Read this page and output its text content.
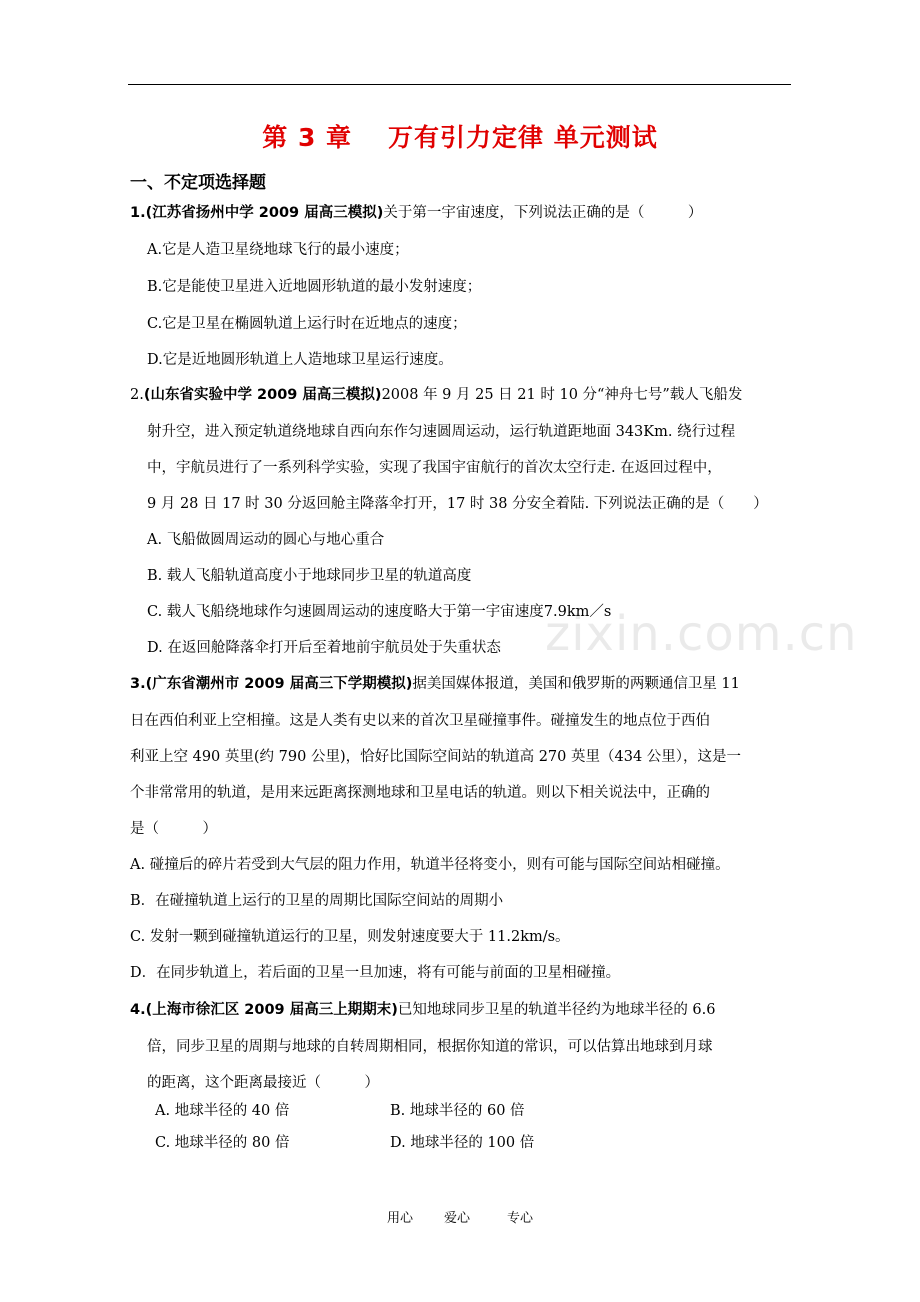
第 3 章 万有引力定律 单元测试
一、不定项选择题
1.(江苏省扬州中学 2009 届高三模拟)关于第一宇宙速度，下列说法正确的是（　　　）
A.它是人造卫星绕地球飞行的最小速度；
B.它是能使卫星进入近地圆形轨道的最小发射速度；
C.它是卫星在椭圆轨道上运行时在近地点的速度；
D.它是近地圆形轨道上人造地球卫星运行速度。
2.(山东省实验中学 2009 届高三模拟)2008 年 9 月 25 日 21 时 10 分“神舟七号”载人飞船发
射升空，进入预定轨道绕地球自西向东作匀速圆周运动，运行轨道距地面 343Km. 绕行过程
中，宇航员进行了一系列科学实验，实现了我国宇宙航行的首次太空行走. 在返回过程中，
9 月 28 日 17 时 30 分返回舱主降落伞打开，17 时 38 分安全着陆. 下列说法正确的是（　　）
A. 飞船做圆周运动的圆心与地心重合
B. 载人飞船轨道高度小于地球同步卫星的轨道高度
C. 载人飞船绕地球作匀速圆周运动的速度略大于第一宇宙速度7.9km／s
D. 在返回舱降落伞打开后至着地前宇航员处于失重状态
3.(广东省潮州市 2009 届高三下学期模拟)据美国媒体报道，美国和俄罗斯的两颗通信卫星 11
日在西伯利亚上空相撞。这是人类有史以来的首次卫星碰撞事件。碰撞发生的地点位于西伯
利亚上空 490 英里(约 790 公里)，恰好比国际空间站的轨道高 270 英里（434 公里），这是一
个非常常用的轨道，是用来远距离探测地球和卫星电话的轨道。则以下相关说法中，正确的
是（　　　）
A. 碰撞后的碎片若受到大气层的阻力作用，轨道半径将变小，则有可能与国际空间站相碰撞。
B．在碰撞轨道上运行的卫星的周期比国际空间站的周期小
C. 发射一颗到碰撞轨道运行的卫星，则发射速度要大于 11.2km/s。
D．在同步轨道上，若后面的卫星一旦加速，将有可能与前面的卫星相碰撞。
4.(上海市徐汇区 2009 届高三上期期末)已知地球同步卫星的轨道半径约为地球半径的 6.6
倍，同步卫星的周期与地球的自转周期相同，根据你知道的常识，可以估算出地球到月球
的距离，这个距离最接近（　　　）
A. 地球半径的 40 倍	B. 地球半径的 60 倍
C. 地球半径的 80 倍	D. 地球半径的 100 倍
zixin.com.cn
用心 爱心	专心
